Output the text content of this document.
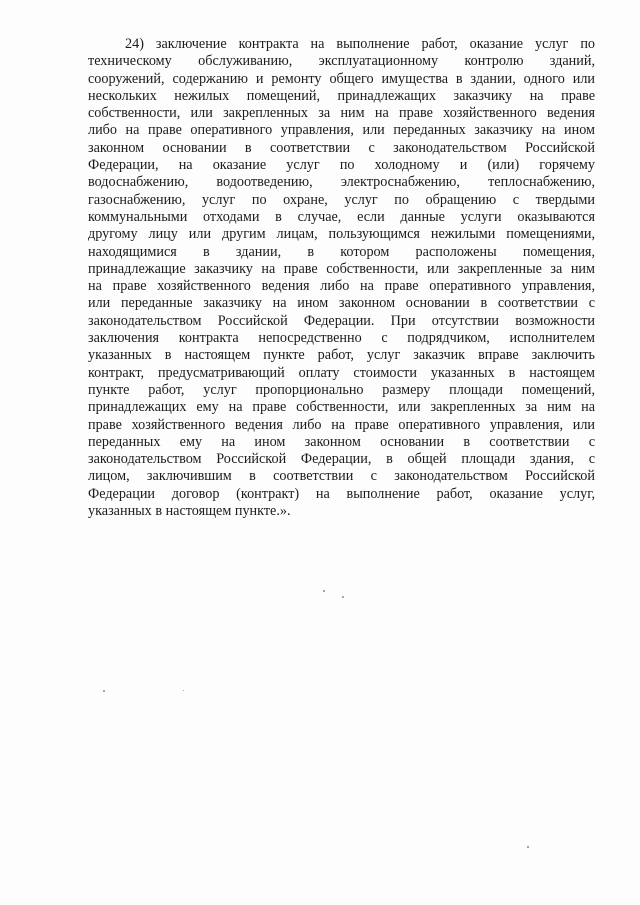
24) заключение контракта на выполнение работ, оказание услуг по
техническому обслуживанию, эксплуатационному контролю зданий,
сооружений, содержанию и ремонту общего имущества в здании, одного или
нескольких нежилых помещений, принадлежащих заказчику на праве
собственности, или закрепленных за ним на праве хозяйственного ведения
либо на праве оперативного управления, или переданных заказчику на ином
законном основании в соответствии с законодательством Российской
Федерации, на оказание услуг по холодному и (или) горячему
водоснабжению, водоотведению, электроснабжению, теплоснабжению,
газоснабжению, услуг по охране, услуг по обращению с твердыми
коммунальными отходами в случае, если данные услуги оказываются
другому лицу или другим лицам, пользующимся нежилыми помещениями,
находящимися в здании, в котором расположены помещения,
принадлежащие заказчику на праве собственности, или закрепленные за ним
на праве хозяйственного ведения либо на праве оперативного управления,
или переданные заказчику на ином законном основании в соответствии с
законодательством Российской Федерации. При отсутствии возможности
заключения контракта непосредственно с подрядчиком, исполнителем
указанных в настоящем пункте работ, услуг заказчик вправе заключить
контракт, предусматривающий оплату стоимости указанных в настоящем
пункте работ, услуг пропорционально размеру площади помещений,
принадлежащих ему на праве собственности, или закрепленных за ним на
праве хозяйственного ведения либо на праве оперативного управления, или
переданных ему на ином законном основании в соответствии с
законодательством Российской Федерации, в общей площади здания, с
лицом, заключившим в соответствии с законодательством Российской
Федерации договор (контракт) на выполнение работ, оказание услуг,
указанных в настоящем пункте.».
